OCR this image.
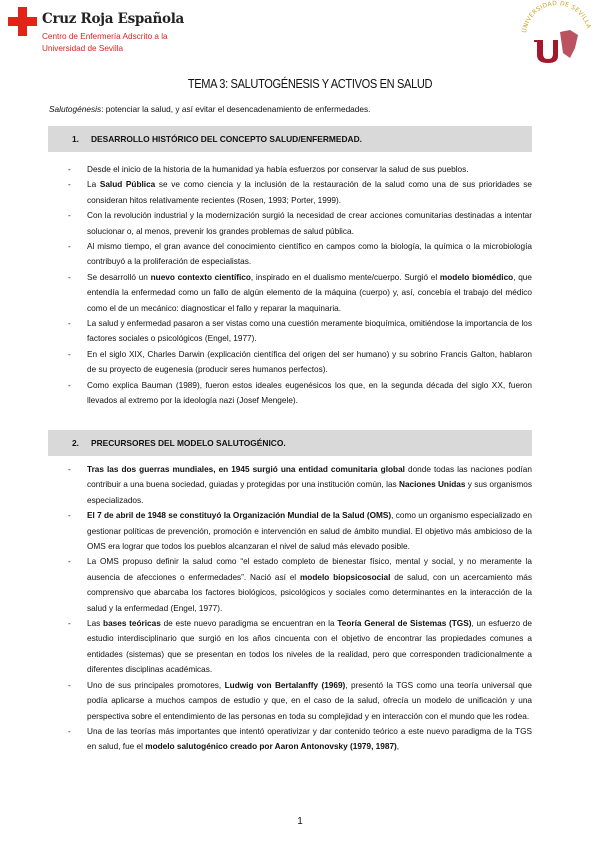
Cruz Roja Española
Centro de Enfermería Adscrito a la
Universidad de Sevilla
UNIVERSIDAD DE SEVILLA
TEMA 3: SALUTOGÉNESIS Y ACTIVOS EN SALUD
Salutogénesis: potenciar la salud, y así evitar el desencadenamiento de enfermedades.
1. DESARROLLO HISTÓRICO DEL CONCEPTO SALUD/ENFERMEDAD.
- Desde el inicio de la historia de la humanidad ya había esfuerzos por conservar la salud de sus pueblos.
- La Salud Pública se ve como ciencia y la inclusión de la restauración de la salud como una de sus prioridades se consideran hitos relativamente recientes (Rosen, 1993; Porter, 1999).
- Con la revolución industrial y la modernización surgió la necesidad de crear acciones comunitarias destinadas a intentar solucionar o, al menos, prevenir los grandes problemas de salud pública.
- Al mismo tiempo, el gran avance del conocimiento científico en campos como la biología, la química o la microbiología contribuyó a la proliferación de especialistas.
- Se desarrolló un nuevo contexto científico, inspirado en el dualismo mente/cuerpo. Surgió el modelo biomédico, que entendía la enfermedad como un fallo de algún elemento de la máquina (cuerpo) y, así, concebía el trabajo del médico como el de un mecánico: diagnosticar el fallo y reparar la maquinaria.
- La salud y enfermedad pasaron a ser vistas como una cuestión meramente bioquímica, omitiéndose la importancia de los factores sociales o psicológicos (Engel, 1977).
- En el siglo XIX, Charles Darwin (explicación científica del origen del ser humano) y su sobrino Francis Galton, hablaron de su proyecto de eugenesia (producir seres humanos perfectos).
- Como explica Bauman (1989), fueron estos ideales eugenésicos los que, en la segunda década del siglo XX, fueron llevados al extremo por la ideología nazi (Josef Mengele).
2. PRECURSORES DEL MODELO SALUTOGÉNICO.
- Tras las dos guerras mundiales, en 1945 surgió una entidad comunitaria global donde todas las naciones podían contribuir a una buena sociedad, guiadas y protegidas por una institución común, las Naciones Unidas y sus organismos especializados.
- El 7 de abril de 1948 se constituyó la Organización Mundial de la Salud (OMS), como un organismo especializado en gestionar políticas de prevención, promoción e intervención en salud de ámbito mundial. El objetivo más ambicioso de la OMS era lograr que todos los pueblos alcanzaran el nivel de salud más elevado posible.
- La OMS propuso definir la salud como “el estado completo de bienestar físico, mental y social, y no meramente la ausencia de afecciones o enfermedades”. Nació así el modelo biopsicosocial de salud, con un acercamiento más comprensivo que abarcaba los factores biológicos, psicológicos y sociales como determinantes en la interacción de la salud y la enfermedad (Engel, 1977).
- Las bases teóricas de este nuevo paradigma se encuentran en la Teoría General de Sistemas (TGS), un esfuerzo de estudio interdisciplinario que surgió en los años cincuenta con el objetivo de encontrar las propiedades comunes a entidades (sistemas) que se presentan en todos los niveles de la realidad, pero que corresponden tradicionalmente a diferentes disciplinas académicas.
- Uno de sus principales promotores, Ludwig von Bertalanffy (1969), presentó la TGS como una teoría universal que podía aplicarse a muchos campos de estudio y que, en el caso de la salud, ofrecía un modelo de unificación y una perspectiva sobre el entendimiento de las personas en toda su complejidad y en interacción con el mundo que les rodea.
- Una de las teorías más importantes que intentó operativizar y dar contenido teórico a este nuevo paradigma de la TGS en salud, fue el modelo salutogénico creado por Aaron Antonovsky (1979, 1987),
1
